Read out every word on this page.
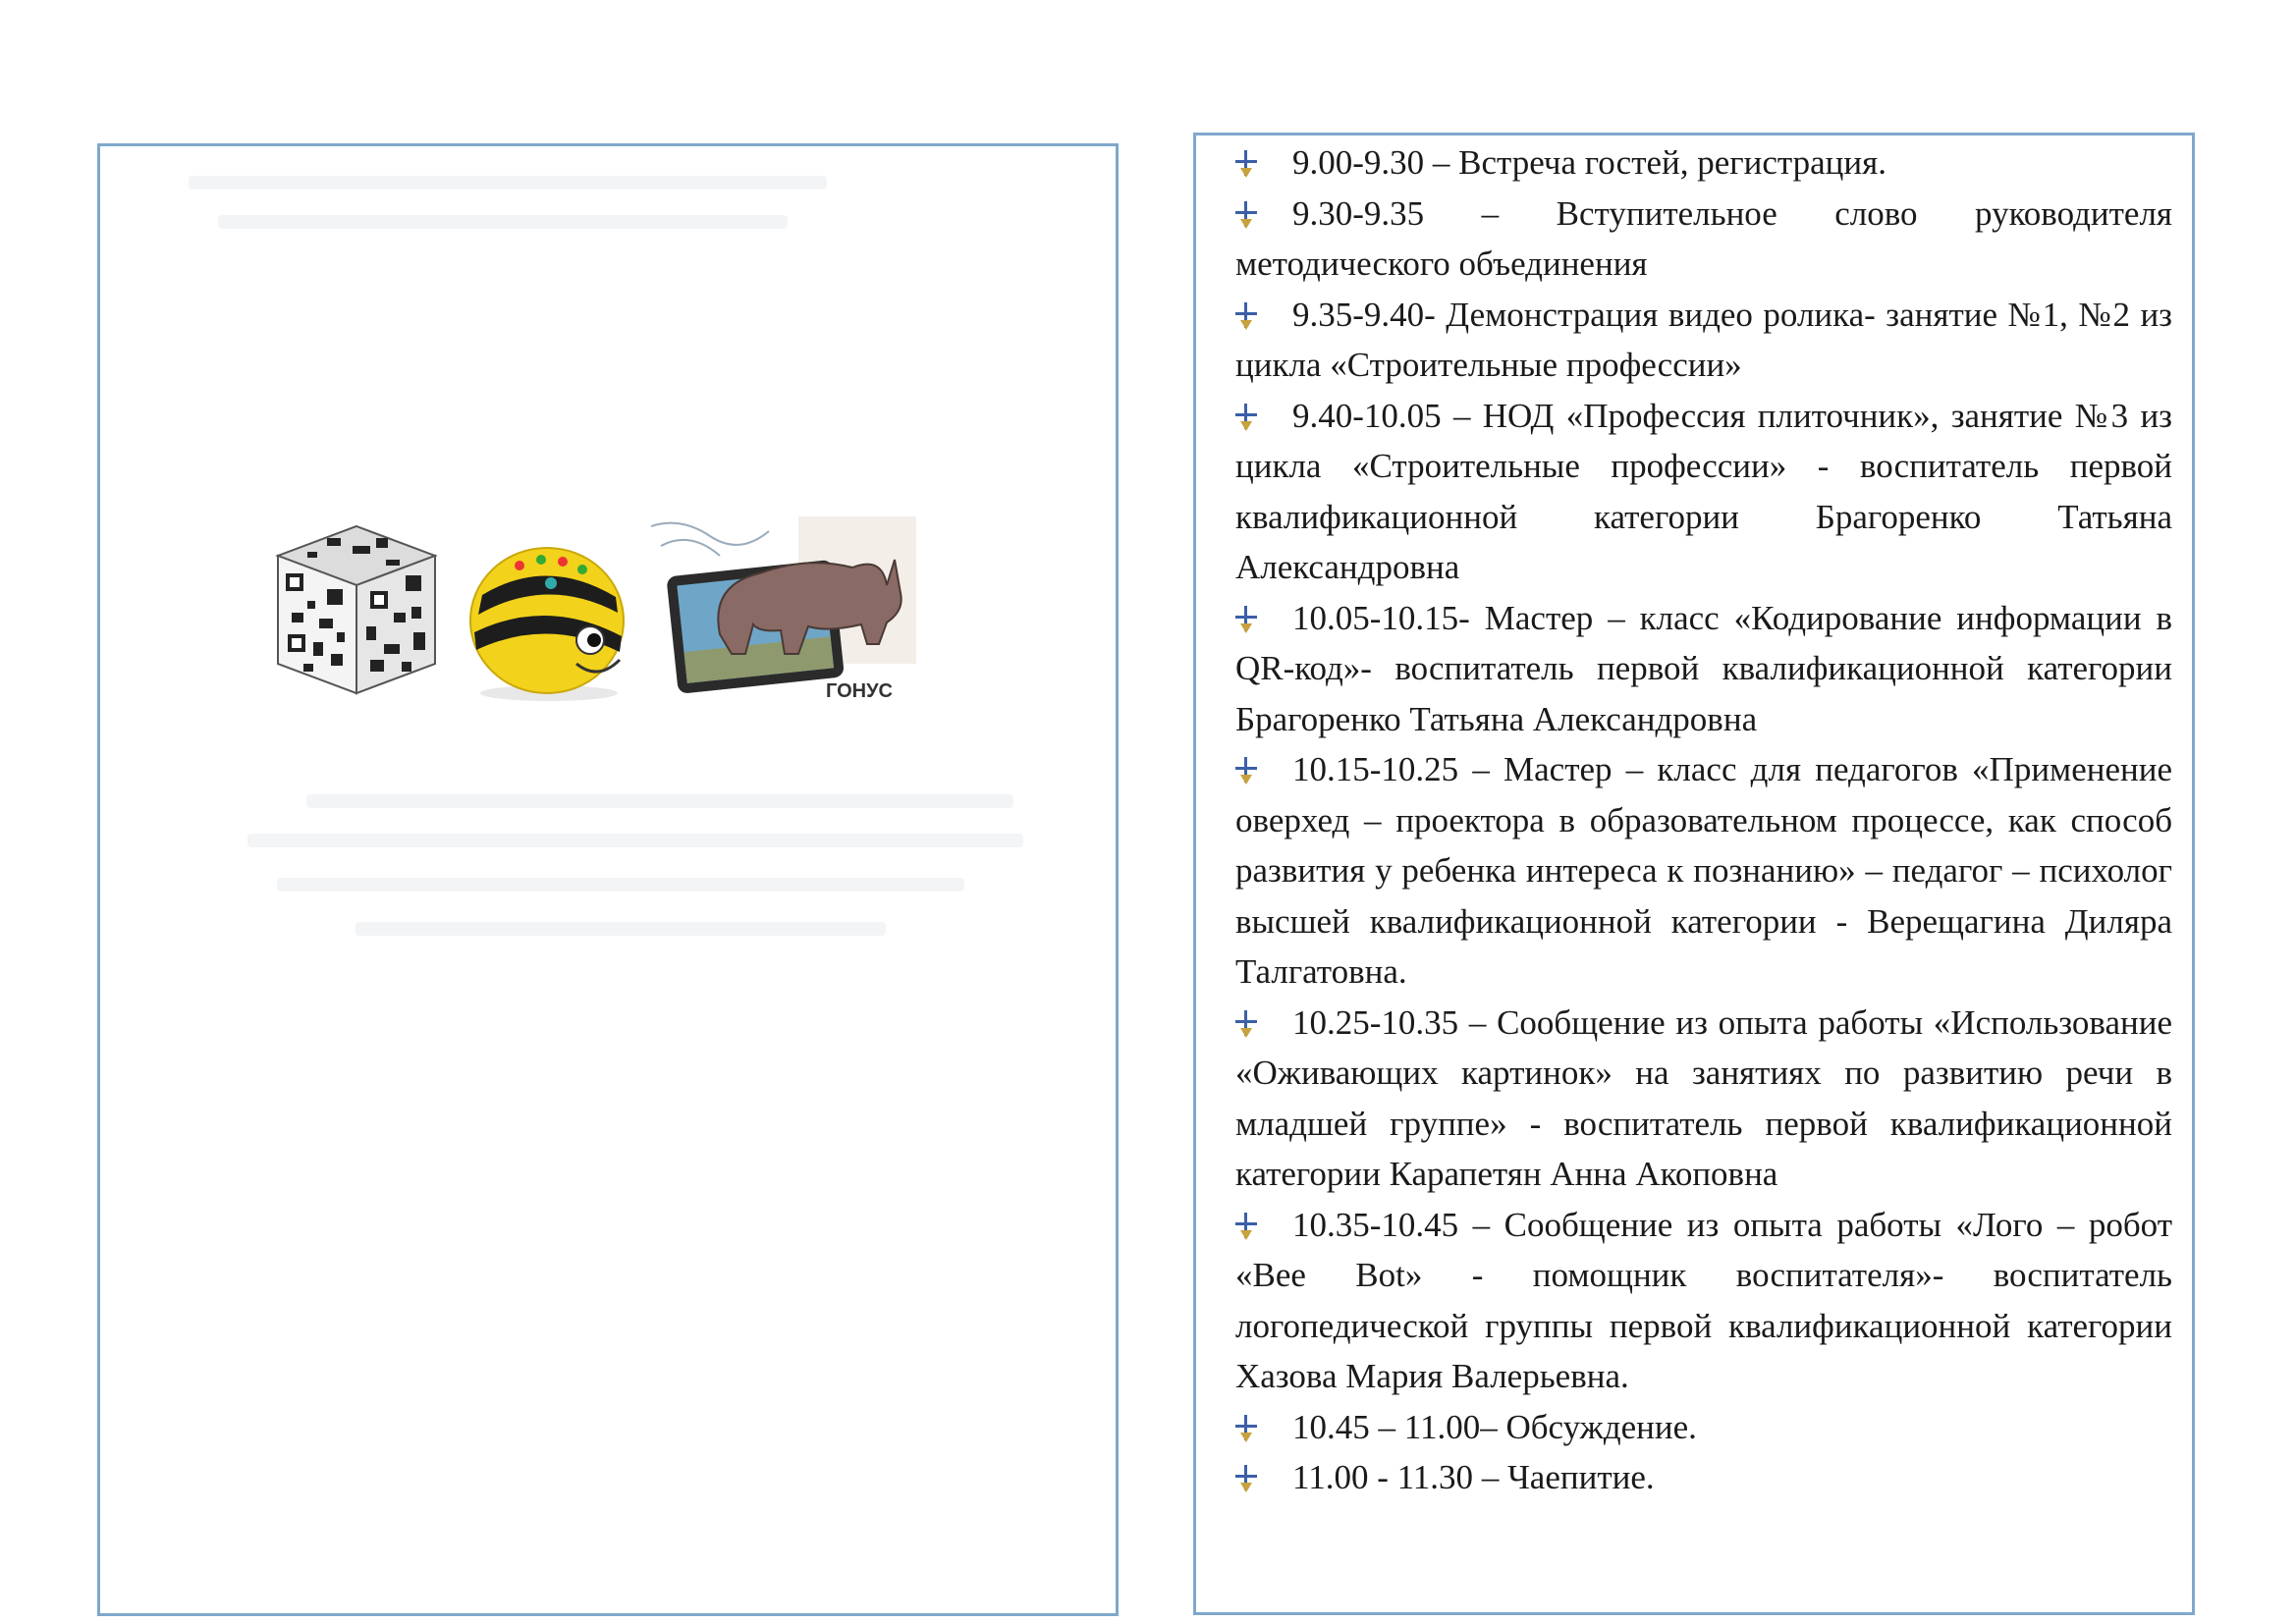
ГОНУС

9.00-9.30 – Встреча гостей, регистрация.

9.30-9.35 – Вступительное слово руководителя методического объединения

9.35-9.40- Демонстрация видео ролика- занятие №1, №2 из цикла «Строительные профессии»

9.40-10.05 – НОД «Профессия плиточник», занятие №3 из цикла «Строительные профессии» - воспитатель первой квалификационной категории Брагоренко Татьяна Александровна

10.05-10.15- Мастер – класс «Кодирование информации в QR-код»- воспитатель первой квалификационной категории Брагоренко Татьяна Александровна

10.15-10.25 – Мастер – класс для педагогов «Применение оверхед – проектора в образовательном процессе, как способ развития у ребенка интереса к познанию» – педагог – психолог высшей квалификационной категории - Верещагина Диляра Талгатовна.

10.25-10.35 – Сообщение из опыта работы «Использование «Оживающих картинок» на занятиях по развитию речи в младшей группе» - воспитатель первой квалификационной категории Карапетян Анна Акоповна

10.35-10.45 – Сообщение из опыта работы «Лого – робот «Bee Bot» - помощник воспитателя»- воспитатель логопедической группы первой квалификационной категории Хазова Мария Валерьевна.

10.45 – 11.00– Обсуждение.

11.00 - 11.30 – Чаепитие.
